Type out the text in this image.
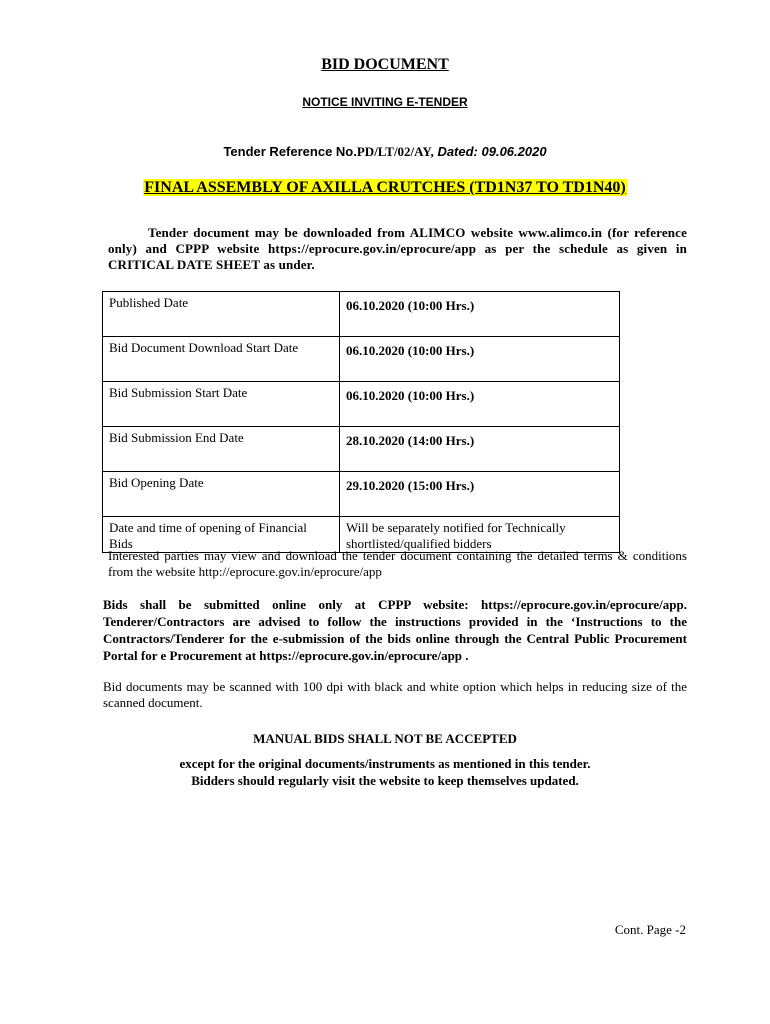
BID DOCUMENT
NOTICE INVITING E-TENDER
Tender Reference No.PD/LT/02/AY, Dated: 09.06.2020
FINAL ASSEMBLY OF AXILLA CRUTCHES (TD1N37 TO TD1N40)
Tender document may be downloaded from ALIMCO website www.alimco.in (for reference only) and CPPP website https://eprocure.gov.in/eprocure/app as per the schedule as given in CRITICAL DATE SHEET as under.
Published Date	06.10.2020 (10:00 Hrs.)
Bid Document Download Start Date	06.10.2020 (10:00 Hrs.)
Bid Submission Start Date	06.10.2020 (10:00 Hrs.)
Bid Submission End Date	28.10.2020 (14:00 Hrs.)
Bid Opening Date	29.10.2020 (15:00 Hrs.)
Date and time of opening of Financial Bids	Will be separately notified for Technically shortlisted/qualified bidders
Interested parties may view and download the tender document containing the detailed terms & conditions from the website http://eprocure.gov.in/eprocure/app
Bids shall be submitted online only at CPPP website: https://eprocure.gov.in/eprocure/app. Tenderer/Contractors are advised to follow the instructions provided in the ‘Instructions to the Contractors/Tenderer for the e-submission of the bids online through the Central Public Procurement Portal for e Procurement at https://eprocure.gov.in/eprocure/app .
Bid documents may be scanned with 100 dpi with black and white option which helps in reducing size of the scanned document.
MANUAL BIDS SHALL NOT BE ACCEPTED
except for the original documents/instruments as mentioned in this tender.
Bidders should regularly visit the website to keep themselves updated.
Cont. Page -2
